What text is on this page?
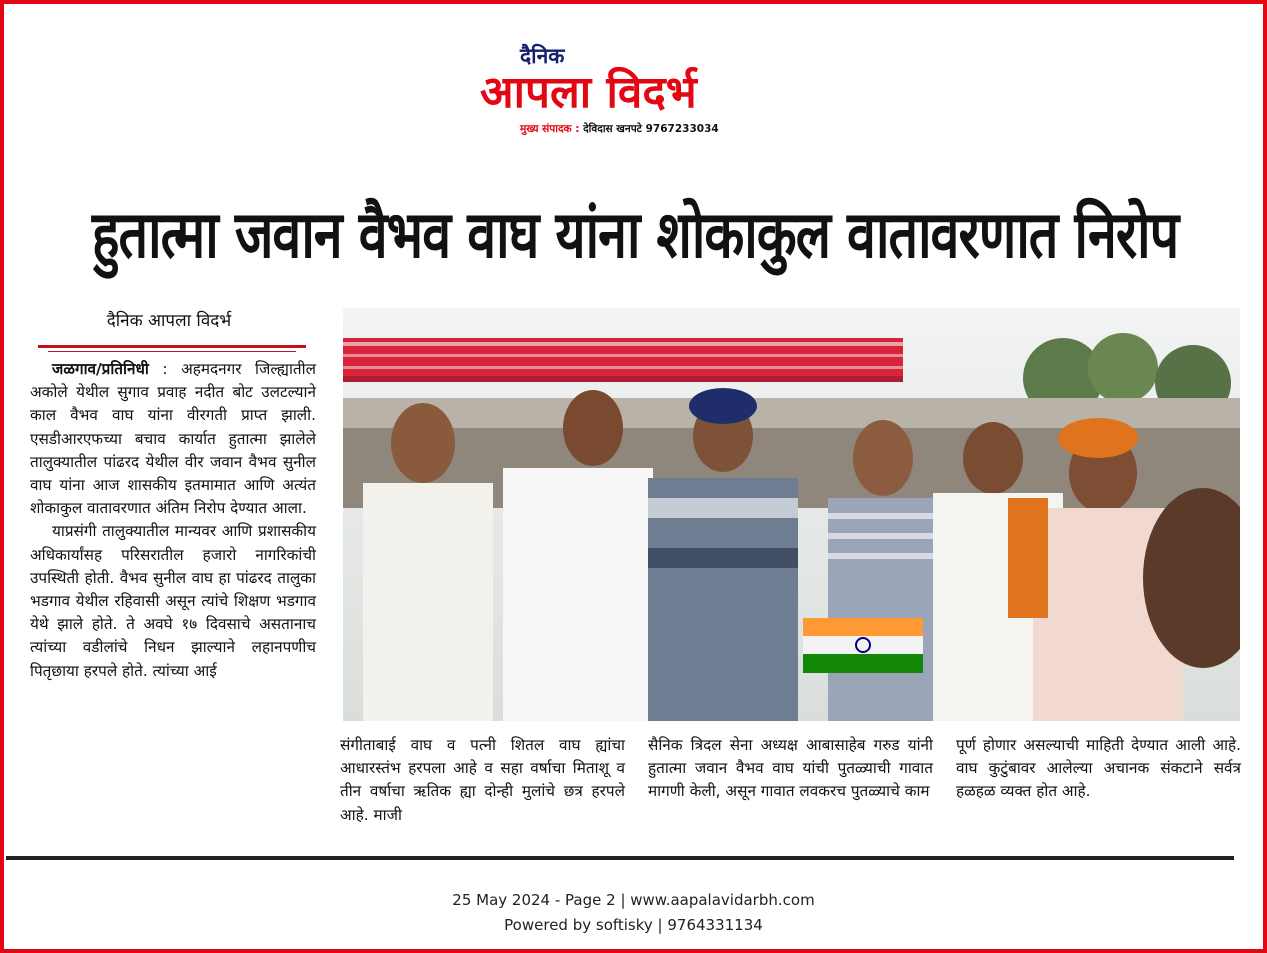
दैनिक
आपला विदर्भ
मुख्य संपादक : देविदास खनपटे 9767233034
हुतात्मा जवान वैभव वाघ यांना शोकाकुल वातावरणात निरोप
दैनिक आपला विदर्भ

जळगाव/प्रतिनिधी : अहमदनगर जिल्ह्यातील अकोले येथील सुगाव प्रवाह नदीत बोट उलटल्याने काल वैभव वाघ यांना वीरगती प्राप्त झाली. एसडीआरएफच्या बचाव कार्यात हुतात्मा झालेले तालुक्यातील पांढरद येथील वीर जवान वैभव सुनील वाघ यांना आज शासकीय इतमामात आणि अत्यंत शोकाकुल वातावरणात अंतिम निरोप देण्यात आला.

याप्रसंगी तालुक्यातील मान्यवर आणि प्रशासकीय अधिकार्यांसह परिसरातील हजारो नागरिकांची उपस्थिती होती. वैभव सुनील वाघ हा पांढरद तालुका भडगाव येथील रहिवासी असून त्यांचे शिक्षण भडगाव येथे झाले होते. ते अवघे १७ दिवसाचे असतानाच त्यांच्या वडीलांचे निधन झाल्याने लहानपणीच पितृछाया हरपले होते. त्यांच्या आई

संगीताबाई वाघ व पत्नी शितल वाघ ह्यांचा आधारस्तंभ हरपला आहे व सहा वर्षाचा मिताशू व तीन वर्षाचा ऋतिक ह्या दोन्ही मुलांचे छत्र हरपले आहे. माजी
सैनिक त्रिदल सेना अध्यक्ष आबासाहेब गरुड यांनी हुतात्मा जवान वैभव वाघ यांची पुतळ्याची गावात मागणी केली, असून गावात लवकरच पुतळ्याचे काम
पूर्ण होणार असल्याची माहिती देण्यात आली आहे. वाघ कुटुंबावर आलेल्या अचानक संकटाने सर्वत्र हळहळ व्यक्त होत आहे.
25 May 2024 - Page 2 | www.aapalavidarbh.com
Powered by softisky | 9764331134
